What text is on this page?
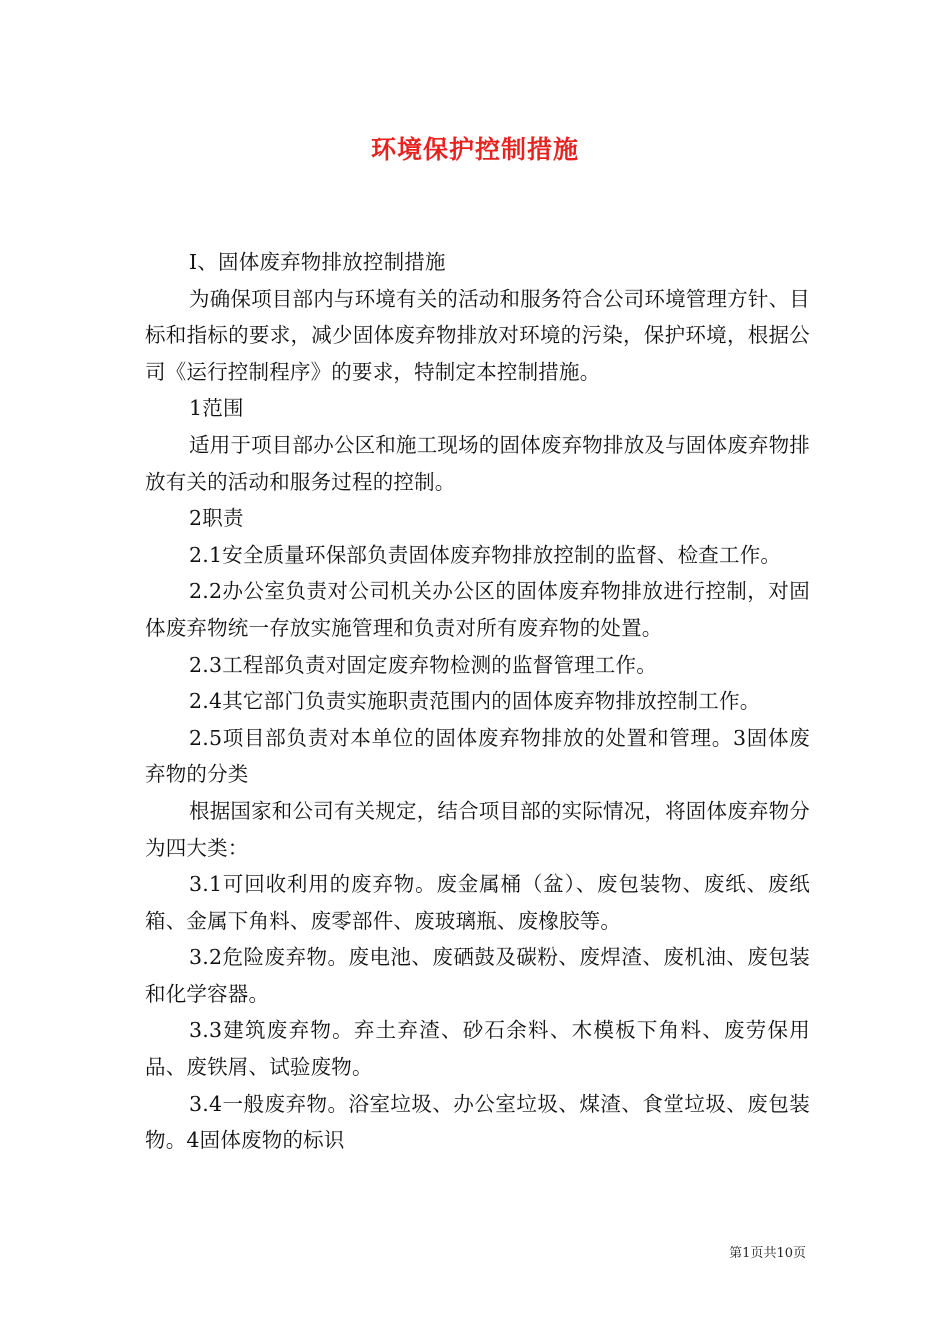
环境保护控制措施

Ⅰ、固体废弃物排放控制措施

为确保项目部内与环境有关的活动和服务符合公司环境管理方针、目标和指标的要求，减少固体废弃物排放对环境的污染，保护环境，根据公司《运行控制程序》的要求，特制定本控制措施。

1范围

适用于项目部办公区和施工现场的固体废弃物排放及与固体废弃物排放有关的活动和服务过程的控制。

2职责

2.1安全质量环保部负责固体废弃物排放控制的监督、检查工作。

2.2办公室负责对公司机关办公区的固体废弃物排放进行控制，对固体废弃物统一存放实施管理和负责对所有废弃物的处置。

2.3工程部负责对固定废弃物检测的监督管理工作。

2.4其它部门负责实施职责范围内的固体废弃物排放控制工作。

2.5项目部负责对本单位的固体废弃物排放的处置和管理。3固体废弃物的分类

根据国家和公司有关规定，结合项目部的实际情况，将固体废弃物分为四大类：

3.1可回收利用的废弃物。废金属桶（盆）、废包装物、废纸、废纸箱、金属下角料、废零部件、废玻璃瓶、废橡胶等。

3.2危险废弃物。废电池、废硒鼓及碳粉、废焊渣、废机油、废包装和化学容器。

3.3建筑废弃物。弃土弃渣、砂石余料、木模板下角料、废劳保用品、废铁屑、试验废物。

3.4一般废弃物。浴室垃圾、办公室垃圾、煤渣、食堂垃圾、废包装物。4固体废物的标识

第1页共10页
